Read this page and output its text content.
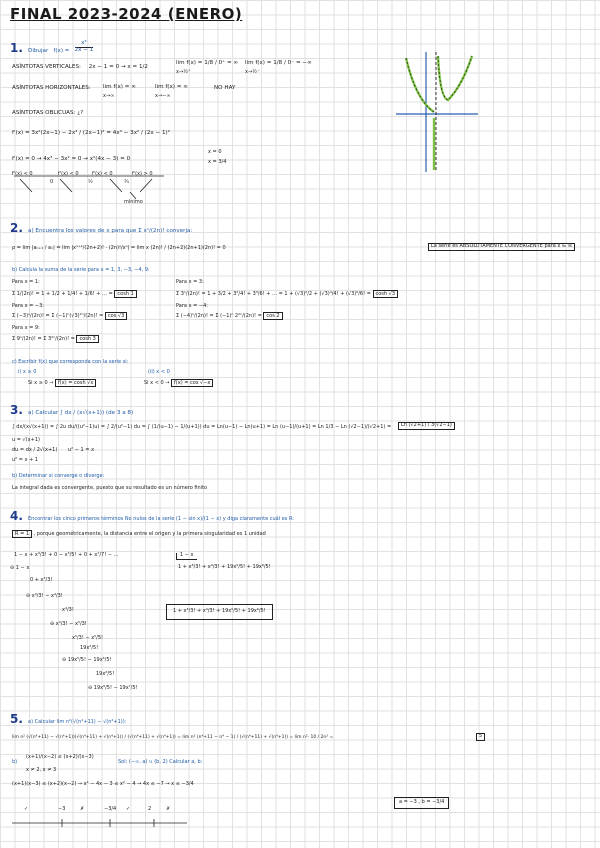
FINAL 2023-2024 (ENERO)
1. Dibujar $f(x) = \frac{\text{x³}}{2x - 1}$
ASÍNTOTAS VERTICALES: 2x − 1 = 0 → x = 1/2
lim f(x) = 1/8 / 0⁺ = ∞
x→½⁺
lim f(x) = 1/8 / 0⁻ = −∞
x→½⁻
ASÍNTOTAS HORIZONTALES: lim f(x) = ∞
x→∞
lim f(x) = ∞
x→−∞
NO HAY
ASÍNTOTAS OBLICUAS: ¿?
f'(x) = 3x²(2x−1) − 2x³ / (2x−1)² = 4x³ − 3x² / (2x − 1)²
f'(x) = 0 → 4x³ − 3x² = 0 → x²(4x − 3) = 0
x = 0
x = 3/4
f'(x) < 0	f'(x) < 0	f'(x) < 0	f'(x) > 0
0	½	¾
mínimo
2. a) Encuentra los valores de x para que Σ xⁿ/(2n)! converja:
ρ = lim |aₙ₊₁ / aₙ| = lim |xⁿ⁺¹/(2n+2)! · (2n)!/xⁿ| = lim x (2n)! / (2n+2)(2n+1)(2n)! = 0	La serie es ABSOLUTAMENTE CONVERGENTE para x ∈ ℝ
b) Calcula la suma de la serie para x = 1, 3, −3, −4, 9:
Para x = 1:
Σ 1/(2n)! = 1 + 1/2 + 1/4! + 1/6! + … = cosh 1
Para x = 3:
Σ 3ⁿ/(2n)! = 1 + 3/2 + 3²/4! + 3³/6! + … = 1 + (√3)²/2 + (√3)⁴/4! + (√3)⁶/6! = cosh √3
Para x = −3:
Σ (−3)ⁿ/(2n)! = Σ (−1)ⁿ(√3)²ⁿ/(2n)! = cos √3
Para x = −4:
Σ (−4)ⁿ/(2n)! = Σ (−1)ⁿ 2²ⁿ/(2n)! = cos 2
Para x = 9:
Σ 9ⁿ/(2n)! = Σ 3²ⁿ/(2n)! = cosh 3
c) Escribir f(x) que corresponda con la serie si:
i) x ≥ 0
Si x ≥ 0 → f(x) = cosh √x
(ii) x < 0
Si x < 0 → f(x) = cos √−x
3. a) Calcular ∫ dx / (x√(x+1)) (de 3 a 8)
∫ dx/(x√(x+1)) = ∫ 2u du/((u²−1)u) = ∫ 2/(u²−1) du = ∫ (1/(u−1) − 1/(u+1)) du = Ln(u−1) − Ln(u+1) = Ln (u−1)/(u+1) = Ln 1/3 − Ln (√2−1)/(√2+1) =	Ln (√2+1) / 3(√2−1)
u = √(x+1)
du = dx / 2√(x+1)
u² = x + 1
u² − 1 = x
b) Determinar si converge o diverge:
La integral dada es convergente, puesto que su resultado es un número finito
4. Encontrar los cinco primeros términos No nulos de la serie (1 − sin x)/(1 − x) y diga claramente cuál es R:
R = 1 , porque geométricamente, la distancia entre el origen y la primera singularidad es 1 unidad
1 − x + x³/3! + 0 − x⁵/5! + 0 + x⁷/7! − …	1 − x
1 + x³/3! + x⁴/3! + 19x⁵/5! + 19x⁶/5!
⊖ 1 − x
0 + x³/3!
⊖ x³/3! − x⁴/3!
x⁴/3!
⊖ x⁴/3! − x⁵/3!
x⁵/3! − x⁵/5!
19x⁵/5!
⊖ 19x⁵/5! − 19x⁶/5!
19x⁶/5!
⊖ 19x⁶/5! − 19x⁷/5!
1 + x³/3! + x⁴/3! + 19x⁵/5! + 19x⁶/5!
5. a) Calcular lim n²(√(n⁴+11) − √(n⁴+1)):
lim n² (√(n⁴+11) − √(n⁴+1))(√(n⁴+11) + √(n⁴+1)) / (√(n⁴+11) + √(n⁴+1)) = lim n² (n⁴+11 − n⁴ − 1) / (√(n⁴+11) + √(n⁴+1)) = lim n²· 10 / 2n² =	5
b)
(x+1)/(x−2) ≤ (x+2)/(x−3)
x ≠ 2, x ≠ 3
Sol: (−∞, a) ∪ (b, 2) Calcular a, b:
(x+1)(x−3) ≤ (x+2)(x−2) → x² − 4x − 3 ≤ x² − 4 → 4x ≤ −7 → x ≤ −3/4
a = −3 , b = −3/4
✓	−3	✗	−3/4 ✓	2	✗
